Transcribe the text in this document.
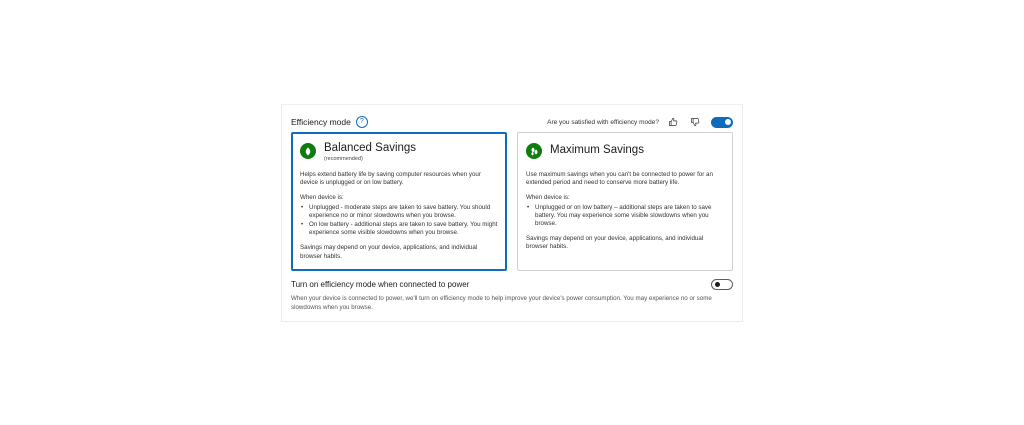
Efficiency mode	?	Are you satisfied with efficiency mode?
Balanced Savings
(recommended)

Helps extend battery life by saving computer resources when your device is unplugged or on low battery.

When device is:

• Unplugged - moderate steps are taken to save battery. You should experience no or minor slowdowns when you browse.
• On low battery - additional steps are taken to save battery. You might experience some visible slowdowns when you browse.

Savings may depend on your device, applications, and individual browser habits.

Maximum Savings

Use maximum savings when you can't be connected to power for an extended period and need to conserve more battery life.

When device is:

• Unplugged or on low battery – additional steps are taken to save battery. You may experience some visible slowdowns when you browse.

Savings may depend on your device, applications, and individual browser habits.

Turn on efficiency mode when connected to power
When your device is connected to power, we'll turn on efficiency mode to help improve your device's power consumption. You may experience no or some slowdowns when you browse.
